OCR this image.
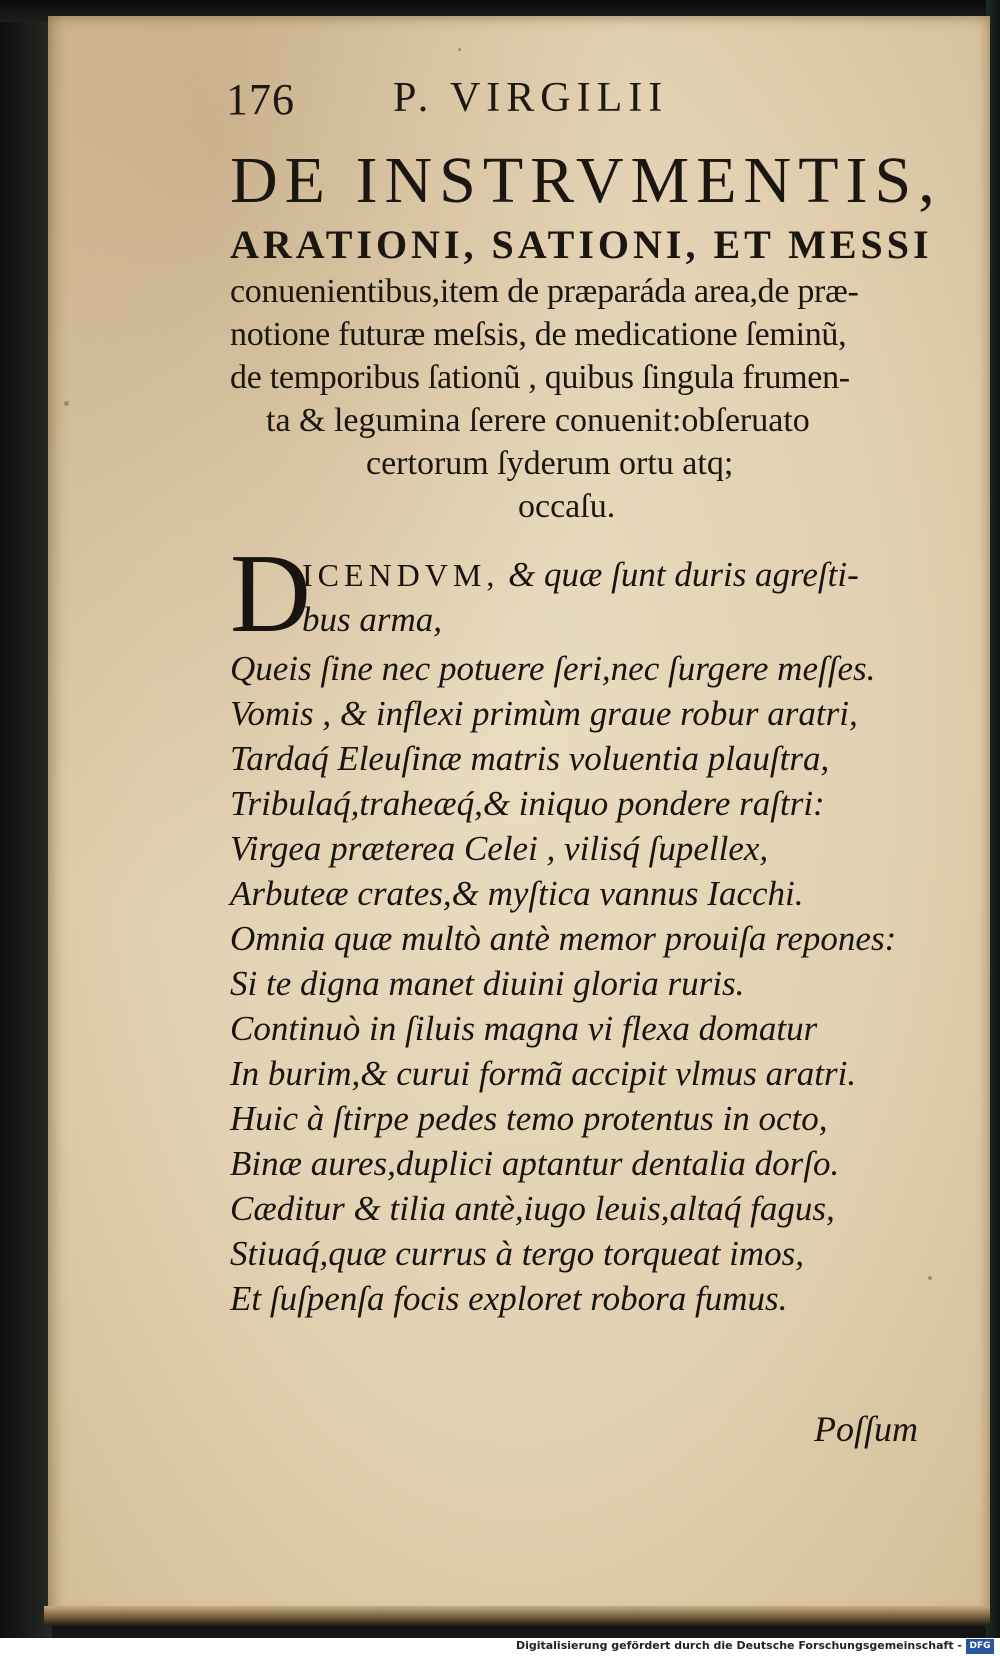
176 P. VIRGILII
DE INSTRVMENTIS,
ARATIONI, SATIONI, ET MESSI
conuenientibus,item de præparáda area,de præ-
notione futuræ meſsis, de medicatione ſeminũ,
de temporibus ſationũ , quibus ſingula frumen-
ta & legumina ſerere conuenit:obſeruato
certorum ſyderum ortu atq;
occaſu.
D
ICENDVM, & quæ ſunt duris agreſti-
bus arma,
Queis ſine nec potuere ſeri,nec ſurgere meſſes.
Vomis , & inflexi primùm graue robur aratri,
Tardaq́ Eleuſinæ matris voluentia plauſtra,
Tribulaq́,traheæq́,& iniquo pondere raſtri:
Virgea præterea Celei , vilisq́ ſupellex,
Arbuteæ crates,& myſtica vannus Iacchi.
Omnia quæ multò antè memor prouiſa repones:
Si te digna manet diuini gloria ruris.
Continuò in ſiluis magna vi flexa domatur
In burim,& curui formã accipit vlmus aratri.
Huic à ſtirpe pedes temo protentus in octo,
Binæ aures,duplici aptantur dentalia dorſo.
Cæditur & tilia antè,iugo leuis,altaq́ fagus,
Stiuaq́,quæ currus à tergo torqueat imos,
Et ſuſpenſa focis exploret robora fumus.
Poſſum
Digitalisierung gefördert durch die Deutsche Forschungsgemeinschaft - DFG
